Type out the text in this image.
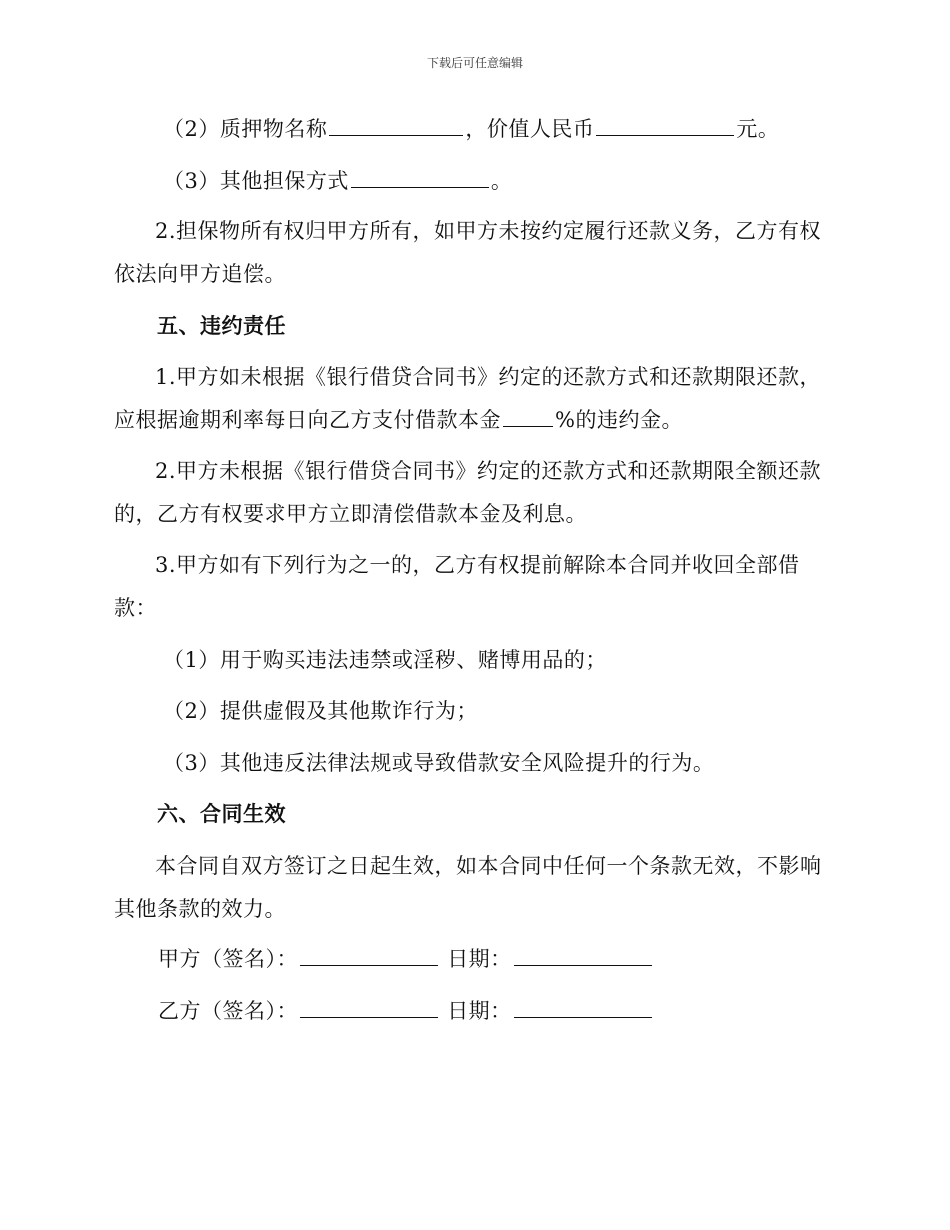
下载后可任意编辑
（2）质押物名称	，价值人民币	元。
（3）其他担保方式	。
2.担保物所有权归甲方所有，如甲方未按约定履行还款义务，乙方有权
依法向甲方追偿。
五、违约责任
1.甲方如未根据《银行借贷合同书》约定的还款方式和还款期限还款，
应根据逾期利率每日向乙方支付借款本金	%的违约金。
2.甲方未根据《银行借贷合同书》约定的还款方式和还款期限全额还款
的，乙方有权要求甲方立即清偿借款本金及利息。
3.甲方如有下列行为之一的，乙方有权提前解除本合同并收回全部借
款：
（1）用于购买违法违禁或淫秽、赌博用品的；
（2）提供虚假及其他欺诈行为；
（3）其他违反法律法规或导致借款安全风险提升的行为。
六、合同生效
本合同自双方签订之日起生效，如本合同中任何一个条款无效，不影响
其他条款的效力。
甲方（签名）：	日期：
乙方（签名）：	日期：
